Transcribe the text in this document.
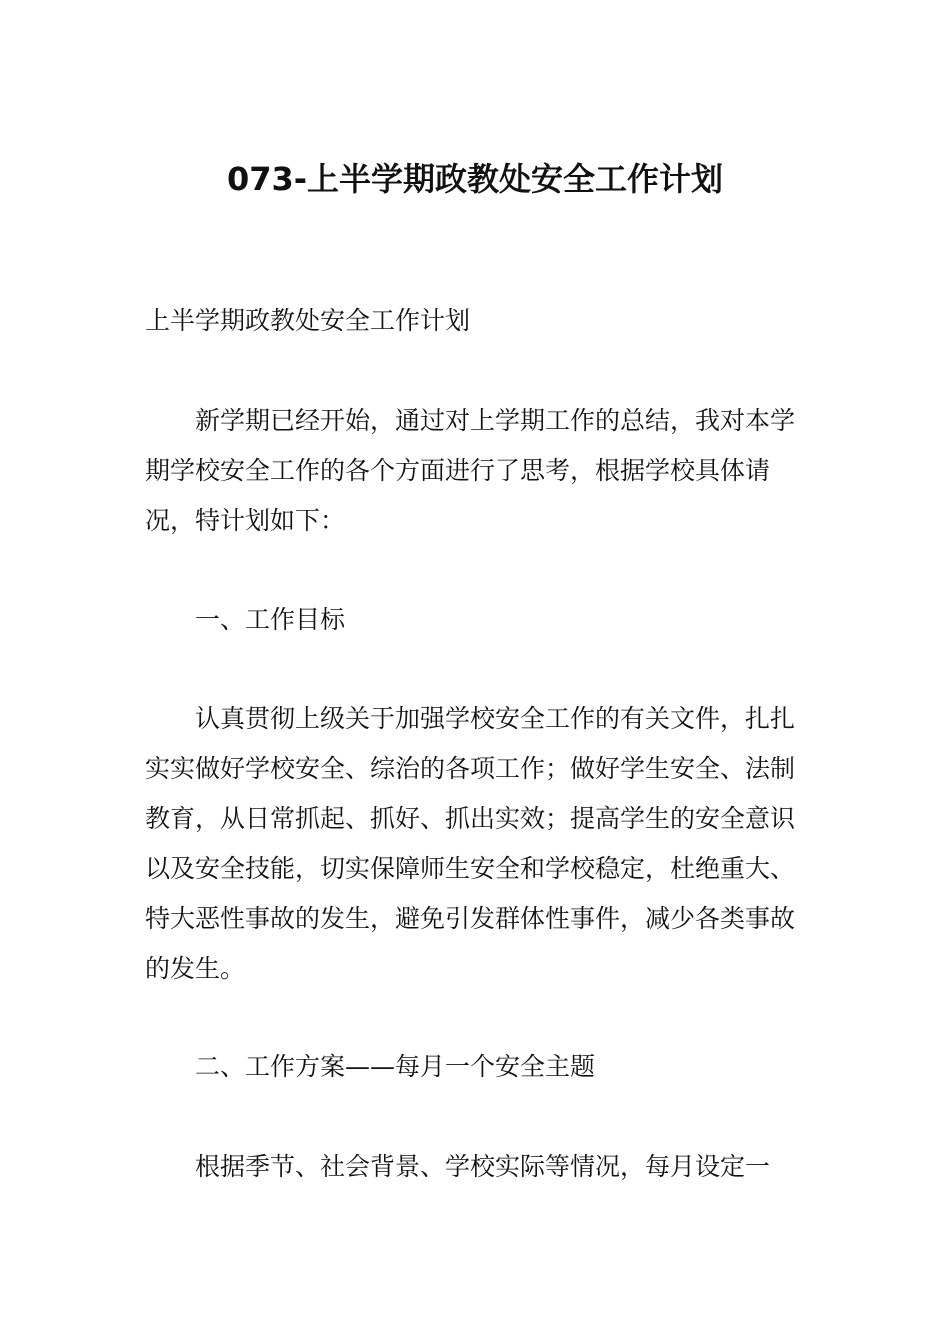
073-上半学期政教处安全工作计划

上半学期政教处安全工作计划

新学期已经开始，通过对上学期工作的总结，我对本学期学校安全工作的各个方面进行了思考，根据学校具体请况，特计划如下：

一、工作目标

认真贯彻上级关于加强学校安全工作的有关文件，扎扎实实做好学校安全、综治的各项工作；做好学生安全、法制教育，从日常抓起、抓好、抓出实效；提高学生的安全意识以及安全技能，切实保障师生安全和学校稳定，杜绝重大、特大恶性事故的发生，避免引发群体性事件，减少各类事故的发生。

二、工作方案——每月一个安全主题

根据季节、社会背景、学校实际等情况，每月设定一
